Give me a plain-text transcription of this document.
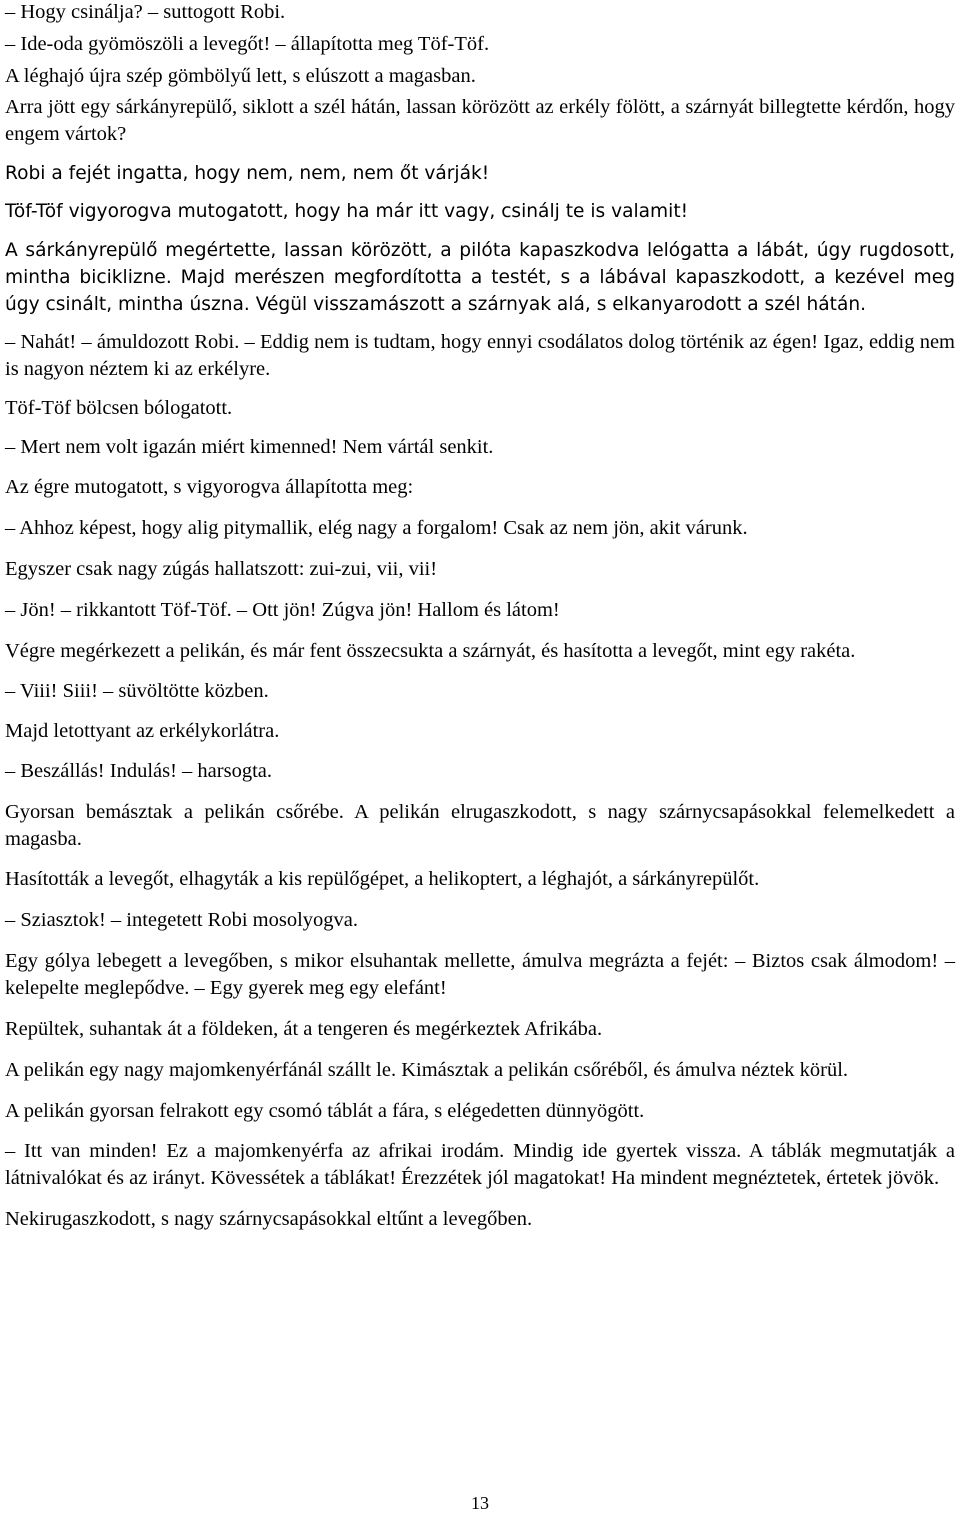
– Hogy csinálja? – suttogott Robi.

– Ide-oda gyömöszöli a levegőt! – állapította meg Töf-Töf.

A léghajó újra szép gömbölyű lett, s elúszott a magasban.

Arra jött egy sárkányrepülő, siklott a szél hátán, lassan körözött az erkély fölött, a szárnyát billegtette kérdőn, hogy engem vártok?

Robi a fejét ingatta, hogy nem, nem, nem őt várják!

Töf-Töf vigyorogva mutogatott, hogy ha már itt vagy, csinálj te is valamit!

A sárkányrepülő megértette, lassan körözött, a pilóta kapaszkodva lelógatta a lábát, úgy rugdosott, mintha biciklizne. Majd merészen megfordította a testét, s a lábával kapaszkodott, a kezével meg úgy csinált, mintha úszna. Végül visszamászott a szárnyak alá, s elkanyarodott a szél hátán.

– Nahát! – ámuldozott Robi. – Eddig nem is tudtam, hogy ennyi csodálatos dolog történik az égen! Igaz, eddig nem is nagyon néztem ki az erkélyre.

Töf-Töf bölcsen bólogatott.

– Mert nem volt igazán miért kimenned! Nem vártál senkit.

Az égre mutogatott, s vigyorogva állapította meg:

– Ahhoz képest, hogy alig pitymallik, elég nagy a forgalom! Csak az nem jön, akit várunk.

Egyszer csak nagy zúgás hallatszott: zui-zui, vii, vii!

– Jön! – rikkantott Töf-Töf. – Ott jön! Zúgva jön! Hallom és látom!

Végre megérkezett a pelikán, és már fent összecsukta a szárnyát, és hasította a levegőt, mint egy rakéta.

– Viii! Siii! – süvöltötte közben.

Majd letottyant az erkélykorlátra.

– Beszállás! Indulás! – harsogta.

Gyorsan bemásztak a pelikán csőrébe. A pelikán elrugaszkodott, s nagy szárnycsapásokkal felemelkedett a magasba.

Hasították a levegőt, elhagyták a kis repülőgépet, a helikoptert, a léghajót, a sárkányrepülőt.

– Sziasztok! – integetett Robi mosolyogva.

Egy gólya lebegett a levegőben, s mikor elsuhantak mellette, ámulva megrázta a fejét: – Biztos csak álmodom! – kelepelte meglepődve. – Egy gyerek meg egy elefánt!

Repültek, suhantak át a földeken, át a tengeren és megérkeztek Afrikába.

A pelikán egy nagy majomkenyérfánál szállt le. Kimásztak a pelikán csőréből, és ámulva néztek körül.

A pelikán gyorsan felrakott egy csomó táblát a fára, s elégedetten dünnyögött.

– Itt van minden! Ez a majomkenyérfa az afrikai irodám. Mindig ide gyertek vissza. A táblák megmutatják a látnivalókat és az irányt. Kövessétek a táblákat! Érezzétek jól magatokat! Ha mindent megnéztetek, értetek jövök.

Nekirugaszkodott, s nagy szárnycsapásokkal eltűnt a levegőben.

13
